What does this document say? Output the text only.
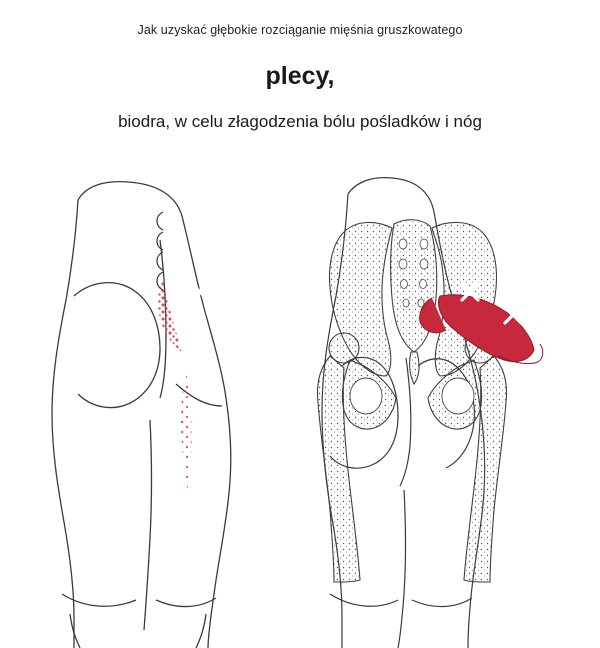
Jak uzyskać głębokie rozciąganie mięśnia gruszkowatego
plecy,
biodra, w celu złagodzenia bólu pośladków i nóg
